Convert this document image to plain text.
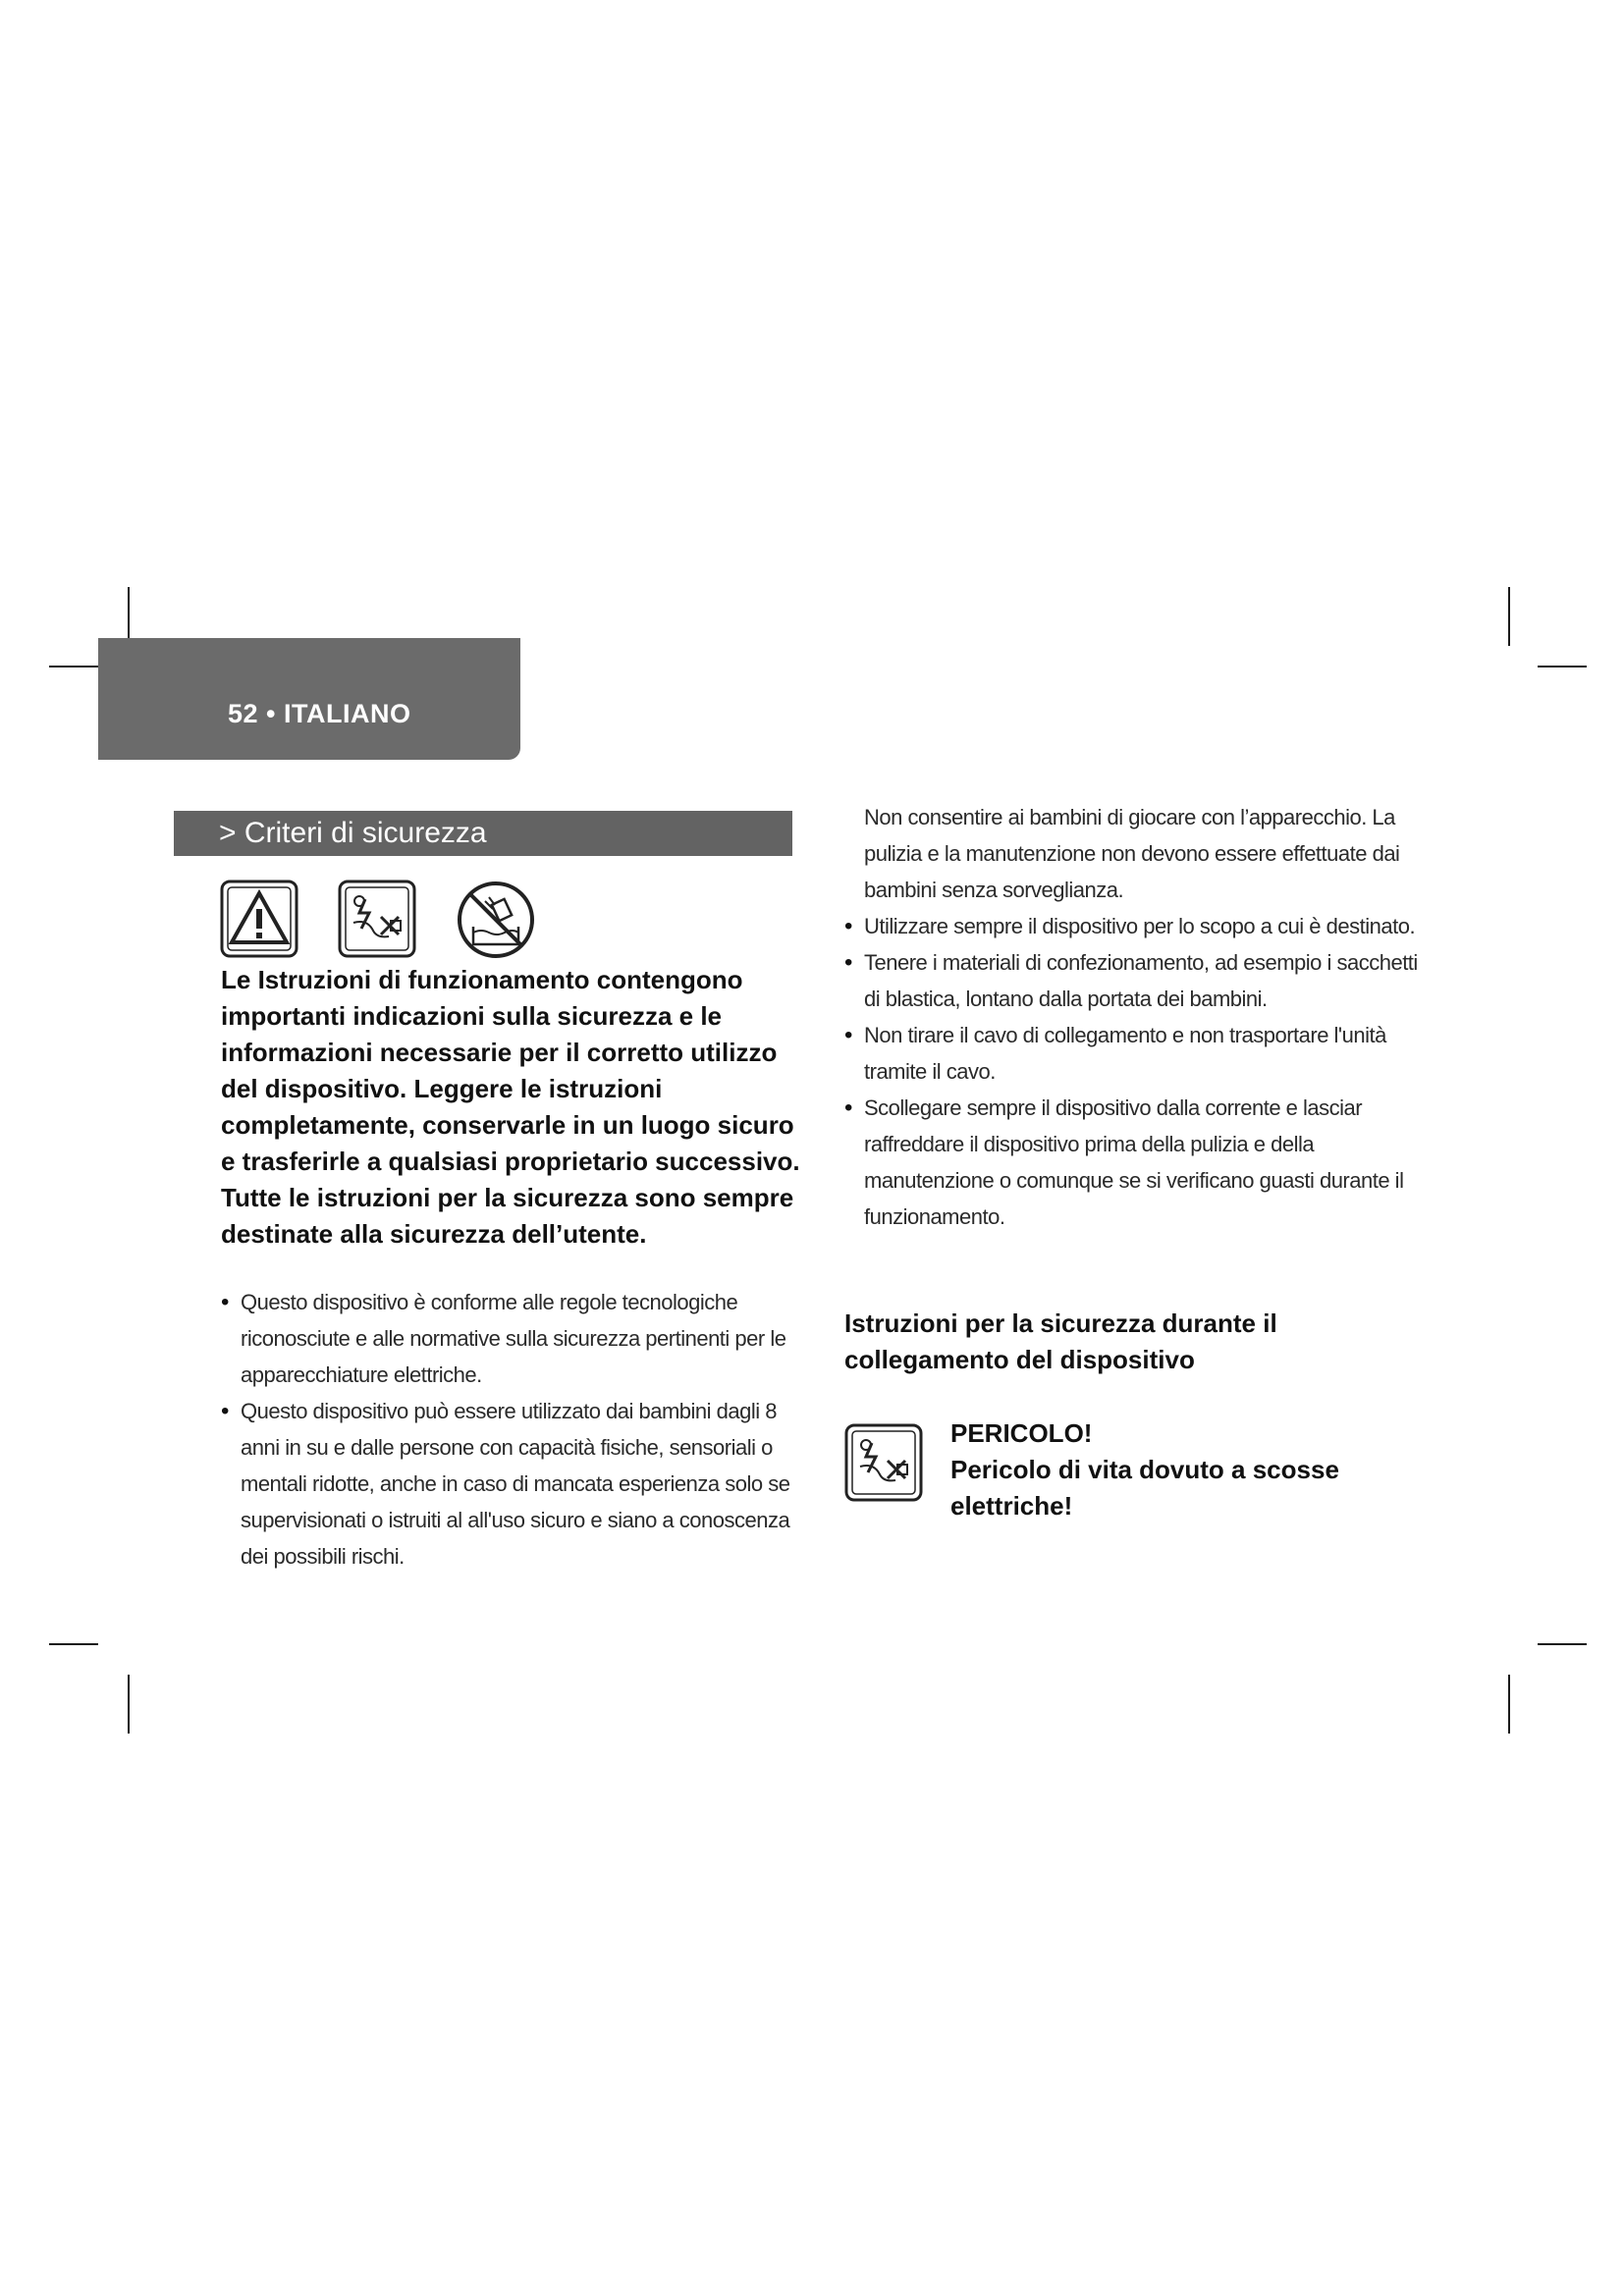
52 • ITALIANO
> Criteri di sicurezza
Le Istruzioni di funzionamento contengono importanti indicazioni sulla sicurezza e le informazioni necessarie per il corretto utilizzo del dispositivo. Leggere le istruzioni completamente, conservarle in un luogo sicuro e trasferirle a qualsiasi proprietario successivo. Tutte le istruzioni per la sicurezza sono sempre destinate alla sicurezza dell’utente.
• Questo dispositivo è conforme alle regole tecnologiche riconosciute e alle normative sulla sicurezza pertinenti per le apparecchiature elettriche.
• Questo dispositivo può essere utilizzato dai bambini dagli 8 anni in su e dalle persone con capacità fisiche, sensoriali o mentali ridotte, anche in caso di mancata esperienza solo se supervisionati o istruiti al all'uso sicuro e siano a conoscenza dei possibili rischi.
Non consentire ai bambini di giocare con l’apparecchio. La pulizia e la manutenzione non devono essere effettuate dai bambini senza sorveglianza.
• Utilizzare sempre il dispositivo per lo scopo a cui è destinato.
• Tenere i materiali di confezionamento, ad esempio i sacchetti di blastica, lontano dalla portata dei bambini.
• Non tirare il cavo di collegamento e non trasportare l'unità tramite il cavo.
• Scollegare sempre il dispositivo dalla corrente e lasciar raffreddare il dispositivo prima della pulizia e della manutenzione o comunque se si verificano guasti durante il funzionamento.
Istruzioni per la sicurezza durante il collegamento del dispositivo
PERICOLO!
Pericolo di vita dovuto a scosse elettriche!
